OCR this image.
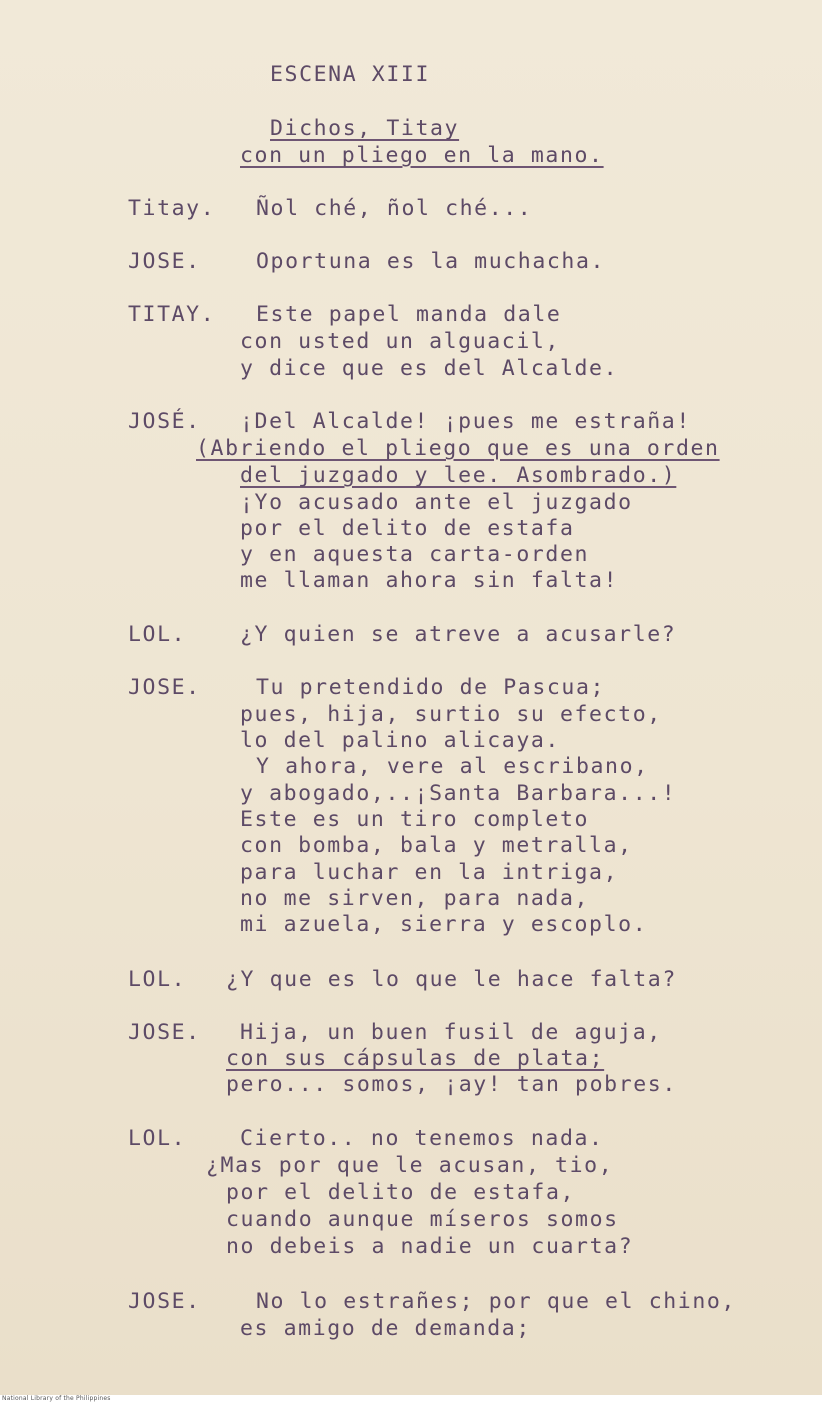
ESCENA XIII
Dichos, Titay
con un pliego en la mano.
Titay. Ñol ché, ñol ché...
JOSE.	Oportuna es la muchacha.
TITAY. Este papel manda dale
con usted un alguacil,
y dice que es del Alcalde.
JOSÉ. ¡Del Alcalde! ¡pues me estraña!
(Abriendo el pliego que es una orden
del juzgado y lee. Asombrado.)
¡Yo acusado ante el juzgado
por el delito de estafa
y en aquesta carta-orden
me llaman ahora sin falta!
LOL.	¿Y quien se atreve a acusarle?
JOSE.	Tu pretendido de Pascua;
pues, hija, surtio su efecto,
lo del palino alicaya.
Y ahora, vere al escribano,
y abogado,..¡Santa Barbara...!
Este es un tiro completo
con bomba, bala y metralla,
para luchar en la intriga,
no me sirven, para nada,
mi azuela, sierra y escoplo.
LOL. ¿Y que es lo que le hace falta?
JOSE. Hija, un buen fusil de aguja,
con sus cápsulas de plata;
pero... somos, ¡ay! tan pobres.
LOL.	Cierto.. no tenemos nada.
¿Mas por que le acusan, tio,
por el delito de estafa,
cuando aunque míseros somos
no debeis a nadie un cuarta?
JOSE.	No lo estrañes; por que el chino,
es amigo de demanda;
National Library of the Philippines
